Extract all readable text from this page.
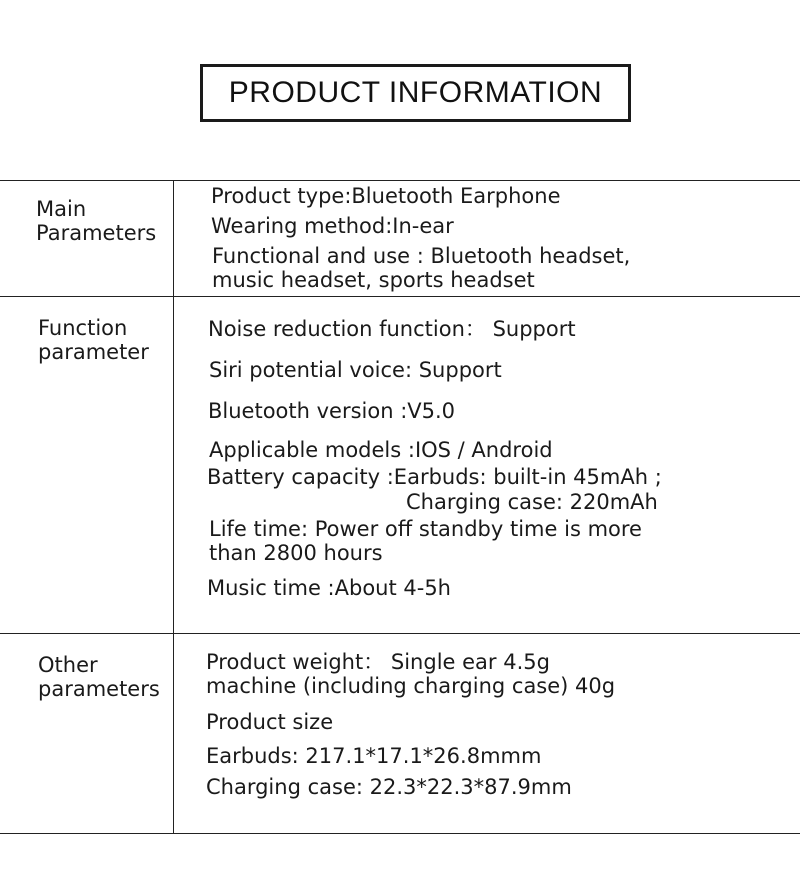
PRODUCT INFORMATION
Main
Parameters
Product type:Bluetooth Earphone
Wearing method:In-ear
Functional and use : Bluetooth headset,
music headset, sports headset
Function
parameter
Noise reduction function： Support
Siri potential voice: Support
Bluetooth version :V5.0
Applicable models :IOS / Android
Battery capacity :Earbuds: built-in 45mAh ;
Charging case: 220mAh
Life time: Power off standby time is more
than 2800 hours
Music time :About 4-5h
Other
parameters
Product weight： Single ear 4.5g
machine (including charging case) 40g
Product size
Earbuds: 217.1*17.1*26.8mmm
Charging case: 22.3*22.3*87.9mm
